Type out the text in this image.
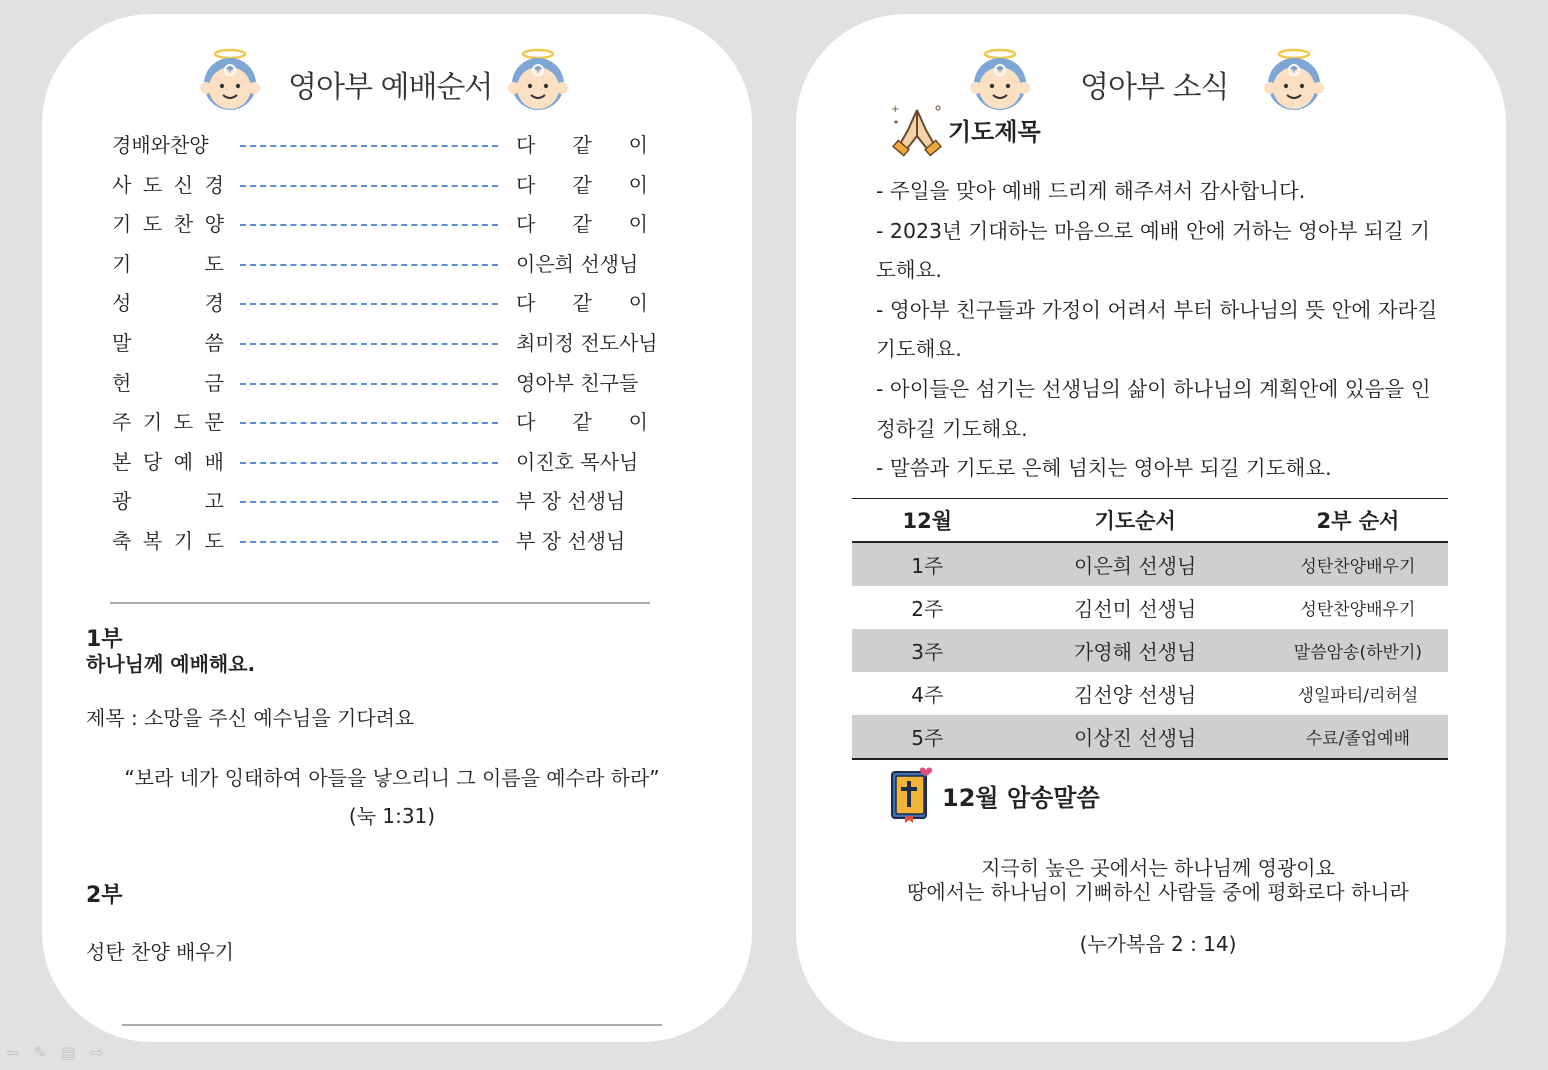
영아부 예배순서
경배와찬양	다 같 이
사 도 신 경	다 같 이
기 도 찬 양	다 같 이
기	도	이은희 선생님
성	경	다 같 이
말	씀	최미정 전도사님
헌	금	영아부 친구들
주 기 도 문	다 같 이
본 당 예 배	이진호 목사님
광	고	부 장 선생님
축 복 기 도	부 장 선생님
1부
하나님께 예배해요.
제목 : 소망을 주신 예수님을 기다려요
“보라 네가 잉태하여 아들을 낳으리니 그 이름을 예수라 하라”
(눅 1:31)
2부
성탄 찬양 배우기
영아부 소식
+
기도제목

- 주일을 맞아 예배 드리게 해주셔서 감사합니다.

- 2023년 기대하는 마음으로 예배 안에 거하는 영아부 되길 기도해요.

- 영아부 친구들과 가정이 어려서 부터 하나님의 뜻 안에 자라길 기도해요.

- 아이들은 섬기는 선생님의 삶이 하나님의 계획안에 있음을 인정하길 기도해요.

- 말씀과 기도로 은혜 넘치는 영아부 되길 기도해요.

12월	기도순서	2부 순서
1주	이은희 선생님	성탄찬양배우기
2주	김선미 선생님	성탄찬양배우기
3주	가영해 선생님	말씀암송(하반기)
4주	김선양 선생님	생일파티/리허설
5주	이상진 선생님	수료/졸업예배
12월 암송말씀
지극히 높은 곳에서는 하나님께 영광이요
땅에서는 하나님이 기뻐하신 사람들 중에 평화로다 하니라
(누가복음 2 : 14)
⇦ ✎ ▤ ⇨
